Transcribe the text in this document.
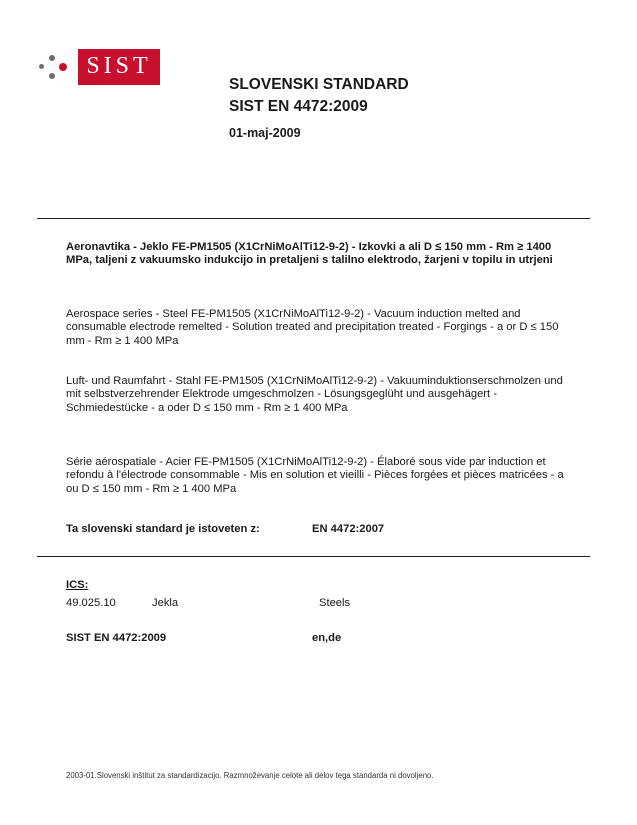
SIST
SLOVENSKI STANDARD
SIST EN 4472:2009
01-maj-2009
Aeronavtika - Jeklo FE-PM1505 (X1CrNiMoAlTi12-9-2) - Izkovki a ali D ≤ 150 mm - Rm ≥ 1400 MPa, taljeni z vakuumsko indukcijo in pretaljeni s talilno elektrodo, žarjeni v topilu in utrjeni
Aerospace series - Steel FE-PM1505 (X1CrNiMoAlTi12-9-2) - Vacuum induction melted and consumable electrode remelted - Solution treated and precipitation treated - Forgings - a or D ≤ 150 mm - Rm ≥ 1 400 MPa
Luft- und Raumfahrt - Stahl FE-PM1505 (X1CrNiMoAlTi12-9-2) - Vakuuminduktionserschmolzen und mit selbstverzehrender Elektrode umgeschmolzen - Lösungsgeglüht und ausgehägert - Schmiedestücke - a oder D ≤ 150 mm - Rm ≥ 1 400 MPa
Série aérospatiale - Acier FE-PM1505 (X1CrNiMoAlTi12-9-2) - Élaboré sous vide par induction et refondu à l'électrode consommable - Mis en solution et vieilli - Pièces forgées et pièces matricées - a ou D ≤ 150 mm - Rm ≥ 1 400 MPa
Ta slovenski standard je istoveten z:	EN 4472:2007
ICS:
49.025.10	Jekla	Steels
SIST EN 4472:2009	en,de
2003-01.Slovenski inštitut za standardizacijo. Razmnoževanje celote ali delov tega standarda ni dovoljeno.
